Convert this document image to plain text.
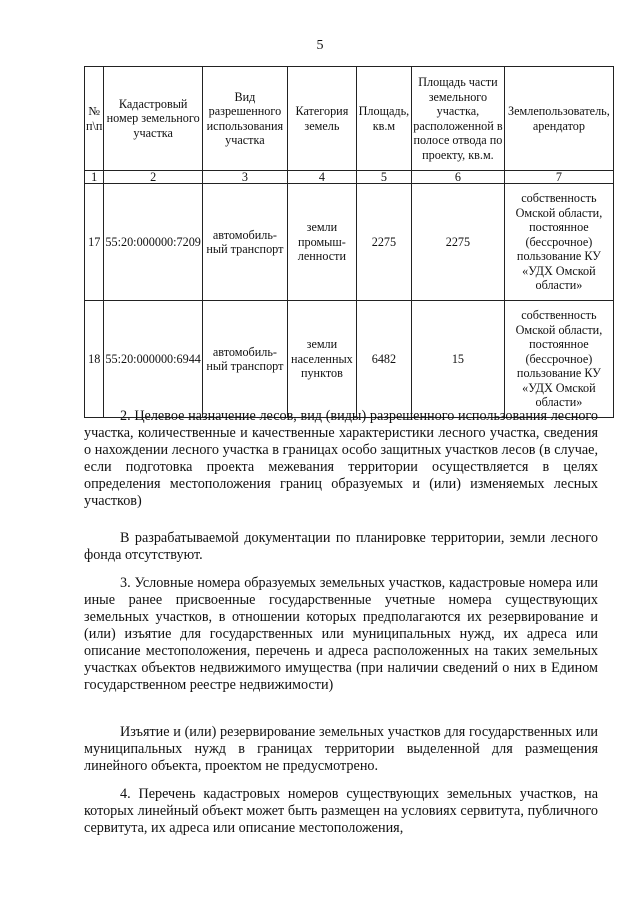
5
№ п\п	Кадастровый номер земельного участка	Вид разрешенного использования участка	Категория земель	Площадь, кв.м	Площадь части земельного участка, расположенной в полосе отвода по проекту, кв.м.	Землепользователь, арендатор
1	2	3	4	5	6	7
17	55:20:000000:7209	автомобиль-ный транспорт	земли промыш-ленности	2275	2275	собственность Омской области, постоянное (бессрочное) пользование КУ «УДХ Омской области»
18	55:20:000000:6944	автомобиль-ный транспорт	земли населенных пунктов	6482	15	собственность Омской области, постоянное (бессрочное) пользование КУ «УДХ Омской области»

2. Целевое назначение лесов, вид (виды) разрешенного использования лесного участка, количественные и качественные характеристики лесного участка, сведения о нахождении лесного участка в границах особо защитных участков лесов (в случае, если подготовка проекта межевания территории осуществляется в целях определения местоположения границ образуемых и (или) изменяемых лесных участков)

В разрабатываемой документации по планировке территории, земли лесного фонда отсутствуют.

3. Условные номера образуемых земельных участков, кадастровые номера или иные ранее присвоенные государственные учетные номера существующих земельных участков, в отношении которых предполагаются их резервирование и (или) изъятие для государственных или муниципальных нужд, их адреса или описание местоположения, перечень и адреса расположенных на таких земельных участках объектов недвижимого имущества (при наличии сведений о них в Едином государственном реестре недвижимости)

Изъятие и (или) резервирование земельных участков для государственных или муниципальных нужд в границах территории выделенной для размещения линейного объекта, проектом не предусмотрено.

4. Перечень кадастровых номеров существующих земельных участков, на которых линейный объект может быть размещен на условиях сервитута, публичного сервитута, их адреса или описание местоположения,
